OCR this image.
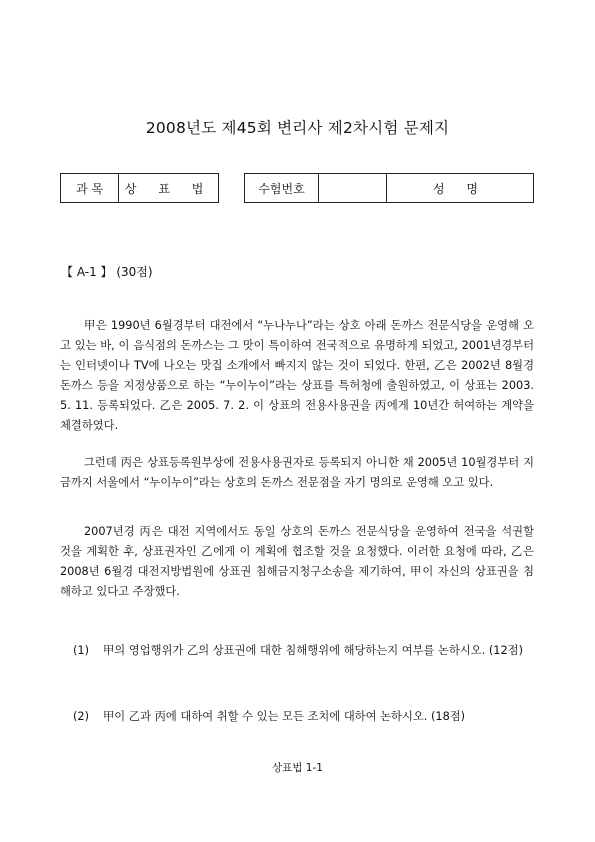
2008년도 제45회 변리사 제2차시험 문제지
과 목	상 표 법	수험번호	성 명
【 A-1 】 (30점)

甲은 1990년 6월경부터 대전에서 “누나누나”라는 상호 아래 돈까스 전문식당을 운영해 오고 있는 바, 이 음식점의 돈까스는 그 맛이 특이하여 전국적으로 유명하게 되었고, 2001년경부터는 인터넷이나 TV에 나오는 맛집 소개에서 빠지지 않는 것이 되었다. 한편, 乙은 2002년 8월경 돈까스 등을 지정상품으로 하는 “누이누이”라는 상표를 특허청에 출원하였고, 이 상표는 2003. 5. 11. 등록되었다. 乙은 2005. 7. 2. 이 상표의 전용사용권을 丙에게 10년간 허여하는 계약을 체결하였다.

그런데 丙은 상표등록원부상에 전용사용권자로 등록되지 아니한 채 2005년 10월경부터 지금까지 서울에서 “누이누이”라는 상호의 돈까스 전문점을 자기 명의로 운영해 오고 있다.

2007년경 丙은 대전 지역에서도 동일 상호의 돈까스 전문식당을 운영하여 전국을 석권할 것을 계획한 후, 상표권자인 乙에게 이 계획에 협조할 것을 요청했다. 이러한 요청에 따라, 乙은 2008년 6월경 대전지방법원에 상표권 침해금지청구소송을 제기하여, 甲이 자신의 상표권을 침해하고 있다고 주장했다.

(1) 甲의 영업행위가 乙의 상표권에 대한 침해행위에 해당하는지 여부를 논하시오. (12점)
(2) 甲이 乙과 丙에 대하여 취할 수 있는 모든 조치에 대하여 논하시오. (18점)
상표법 1-1
